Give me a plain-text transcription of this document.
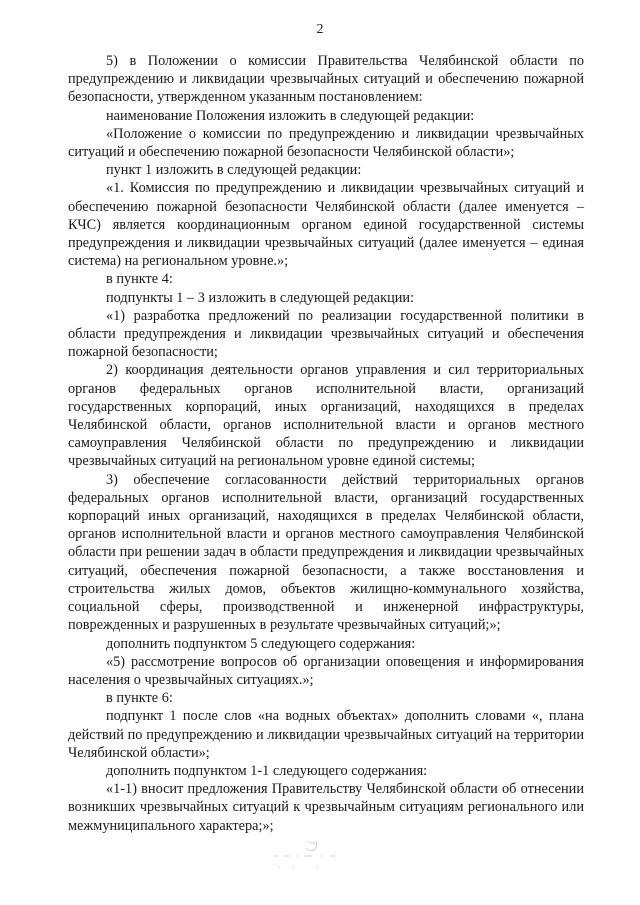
2

5) в Положении о комиссии Правительства Челябинской области по предупреждению и ликвидации чрезвычайных ситуаций и обеспечению пожарной безопасности, утвержденном указанным постановлением:

наименование Положения изложить в следующей редакции:

«Положение о комиссии по предупреждению и ликвидации чрезвычайных ситуаций и обеспечению пожарной безопасности Челябинской области»;

пункт 1 изложить в следующей редакции:

«1. Комиссия по предупреждению и ликвидации чрезвычайных ситуаций и обеспечению пожарной безопасности Челябинской области (далее именуется – КЧС) является координационным органом единой государственной системы предупреждения и ликвидации чрезвычайных ситуаций (далее именуется – единая система) на региональном уровне.»;

в пункте 4:

подпункты 1 – 3 изложить в следующей редакции:

«1) разработка предложений по реализации государственной политики в области предупреждения и ликвидации чрезвычайных ситуаций и обеспечения пожарной безопасности;

2) координация деятельности органов управления и сил территориальных органов федеральных органов исполнительной власти, организаций государственных корпораций, иных организаций, находящихся в пределах Челябинской области, органов исполнительной власти и органов местного самоуправления Челябинской области по предупреждению и ликвидации чрезвычайных ситуаций на региональном уровне единой системы;

3) обеспечение согласованности действий территориальных органов федеральных органов исполнительной власти, организаций государственных корпораций иных организаций, находящихся в пределах Челябинской области, органов исполнительной власти и органов местного самоуправления Челябинской области при решении задач в области предупреждения и ликвидации чрезвычайных ситуаций, обеспечения пожарной безопасности, а также восстановления и строительства жилых домов, объектов жилищно-коммунального хозяйства, социальной сферы, производственной и инженерной инфраструктуры, поврежденных и разрушенных в результате чрезвычайных ситуаций;»;

дополнить подпунктом 5 следующего содержания:

«5) рассмотрение вопросов об организации оповещения и информирования населения о чрезвычайных ситуациях.»;

в пункте 6:

подпункт 1 после слов «на водных объектах» дополнить словами «, плана действий по предупреждению и ликвидации чрезвычайных ситуаций на территории Челябинской области»;

дополнить подпунктом 1-1 следующего содержания:

«1-1) вносит предложения Правительству Челябинской области об отнесении возникших чрезвычайных ситуаций к чрезвычайным ситуациям регионального или межмуниципального характера;»;
